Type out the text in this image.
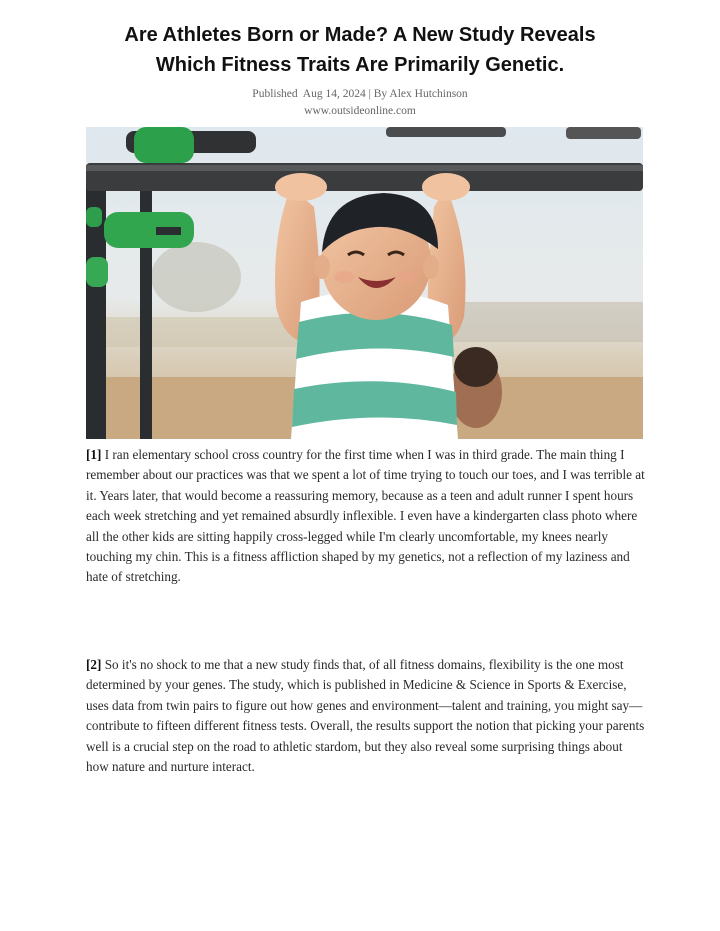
Are Athletes Born or Made? A New Study Reveals
Which Fitness Traits Are Primarily Genetic.
Published  Aug 14, 2024 | By Alex Hutchinson
www.outsideonline.com

[1] I ran elementary school cross country for the first time when I was in third grade. The main thing I remember about our practices was that we spent a lot of time trying to touch our toes, and I was terrible at it. Years later, that would become a reassuring memory, because as a teen and adult runner I spent hours each week stretching and yet remained absurdly inflexible. I even have a kindergarten class photo where all the other kids are sitting happily cross-legged while I'm clearly uncomfortable, my knees nearly touching my chin. This is a fitness affliction shaped by my genetics, not a reflection of my laziness and hate of stretching.

[2] So it's no shock to me that a new study finds that, of all fitness domains, flexibility is the one most determined by your genes. The study, which is published in Medicine & Science in Sports & Exercise, uses data from twin pairs to figure out how genes and environment—talent and training, you might say—contribute to fifteen different fitness tests. Overall, the results support the notion that picking your parents well is a crucial step on the road to athletic stardom, but they also reveal some surprising things about how nature and nurture interact.
